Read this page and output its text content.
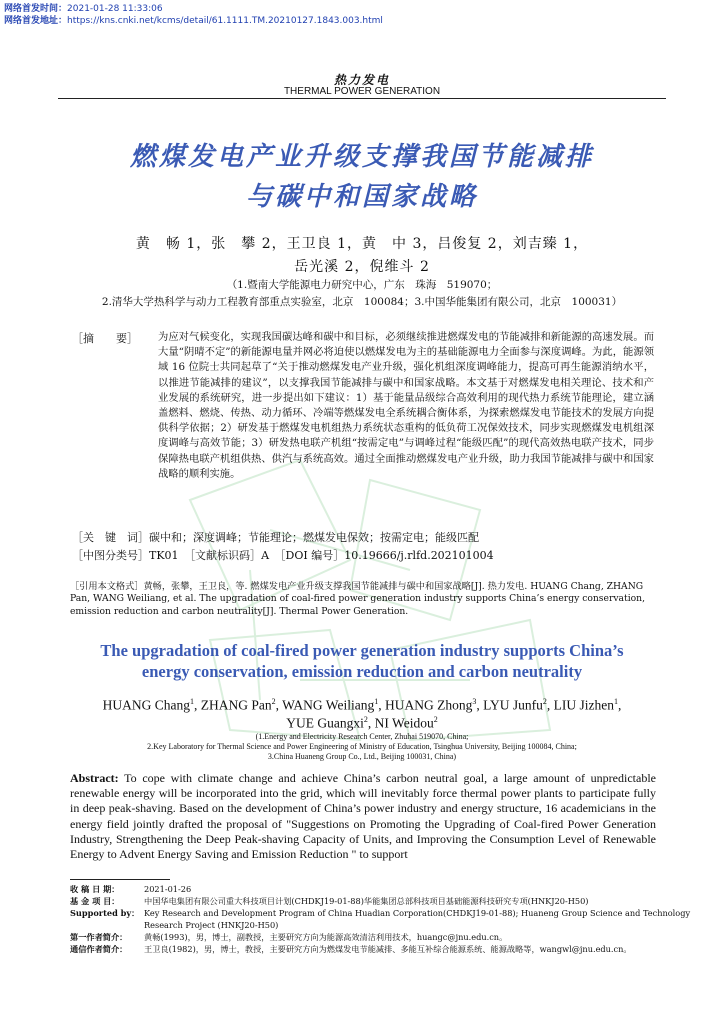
网络首发时间：2021-01-28 11:33:06
网络首发地址：https://kns.cnki.net/kcms/detail/61.1111.TM.20210127.1843.003.html
热力发电
THERMAL POWER GENERATION
燃煤发电产业升级支撑我国节能减排
与碳中和国家战略
黄　畅 1，张　攀 2，王卫良 1，黄　中 3，吕俊复 2，刘吉臻 1，
岳光溪 2，倪维斗 2
（1.暨南大学能源电力研究中心，广东　珠海　519070；
2.清华大学热科学与动力工程教育部重点实验室，北京　100084；3.中国华能集团有限公司，北京　100031）
［摘　　要］ 为应对气候变化，实现我国碳达峰和碳中和目标，必须继续推进燃煤发电的节能减排和新能源的高速发展。而大量“阴晴不定”的新能源电量并网必将迫使以燃煤发电为主的基础能源电力全面参与深度调峰。为此，能源领域 16 位院士共同起草了“关于推动燃煤发电产业升级，强化机组深度调峰能力，提高可再生能源消纳水平，以推进节能减排的建议”，以支撑我国节能减排与碳中和国家战略。本文基于对燃煤发电相关理论、技术和产业发展的系统研究，进一步提出如下建议：1）基于能量品级综合高效利用的现代热力系统节能理论，建立涵盖燃料、燃烧、传热、动力循环、冷端等燃煤发电全系统耦合衡体系，为探索燃煤发电节能技术的发展方向提供科学依据；2）研发基于燃煤发电机组热力系统状态重构的低负荷工况保效技术，同步实现燃煤发电机组深度调峰与高效节能；3）研发热电联产机组“按需定电”与调峰过程“能级匹配”的现代高效热电联产技术，同步保障热电联产机组供热、供汽与系统高效。通过全面推动燃煤发电产业升级，助力我国节能减排与碳中和国家战略的顺利实施。
［关　键　词］碳中和；深度调峰；节能理论；燃煤发电保效；按需定电；能级匹配
［中图分类号］TK01　 ［文献标识码］A　 ［DOI 编号］10.19666/j.rlfd.202101004
［引用本文格式］黄畅，张攀，王卫良，等. 燃煤发电产业升级支撑我国节能减排与碳中和国家战略[J]. 热力发电. HUANG Chang, ZHANG Pan, WANG Weiliang, et al. The upgradation of coal-fired power generation industry supports China’s energy conservation, emission reduction and carbon neutrality[J]. Thermal Power Generation.
The upgradation of coal-fired power generation industry supports China’s
energy conservation, emission reduction and carbon neutrality
HUANG Chang$^1$, ZHANG Pan$^2$, WANG Weiliang$^1$, HUANG Zhong$^3$, LYU Junfu$^2$, LIU Jizhen$^1$,
YUE Guangxi$^2$, NI Weidou$^2$
(1.Energy and Electricity Research Center, Zhuhai 519070, China;
2.Key Laboratory for Thermal Science and Power Engineering of Ministry of Education, Tsinghua University, Beijing 100084, China;
3.China Huaneng Group Co., Ltd., Beijing 100031, China)
Abstract: To cope with climate change and achieve China’s carbon neutral goal, a large amount of unpredictable renewable energy will be incorporated into the grid, which will inevitably force thermal power plants to participate fully in deep peak-shaving. Based on the development of China’s power industry and energy structure, 16 academicians in the energy field jointly drafted the proposal of "Suggestions on Promoting the Upgrading of Coal-fired Power Generation Industry, Strengthening the Deep Peak-shaving Capacity of Units, and Improving the Consumption Level of Renewable Energy to Advent Energy Saving and Emission Reduction " to support
收 稿 日 期：	2021-01-26
基 金 项 目：	中国华电集团有限公司重大科技项目计划(CHDKJ19-01-88)华能集团总部科技项目基础能源科技研究专项(HNKJ20-H50)
Supported by： Key Research and Development Program of China Huadian Corporation(CHDKJ19-01-88); Huaneng Group Science and Technology
Research Project (HNKJ20-H50)
第一作者简介： 黄畅(1993)，男，博士，副教授，主要研究方向为能源高效清洁利用技术，huangc@jnu.edu.cn。
通信作者简介： 王卫良(1982)，男，博士，教授，主要研究方向为燃煤发电节能减排、多能互补综合能源系统、能源战略等，wangwl@jnu.edu.cn。
